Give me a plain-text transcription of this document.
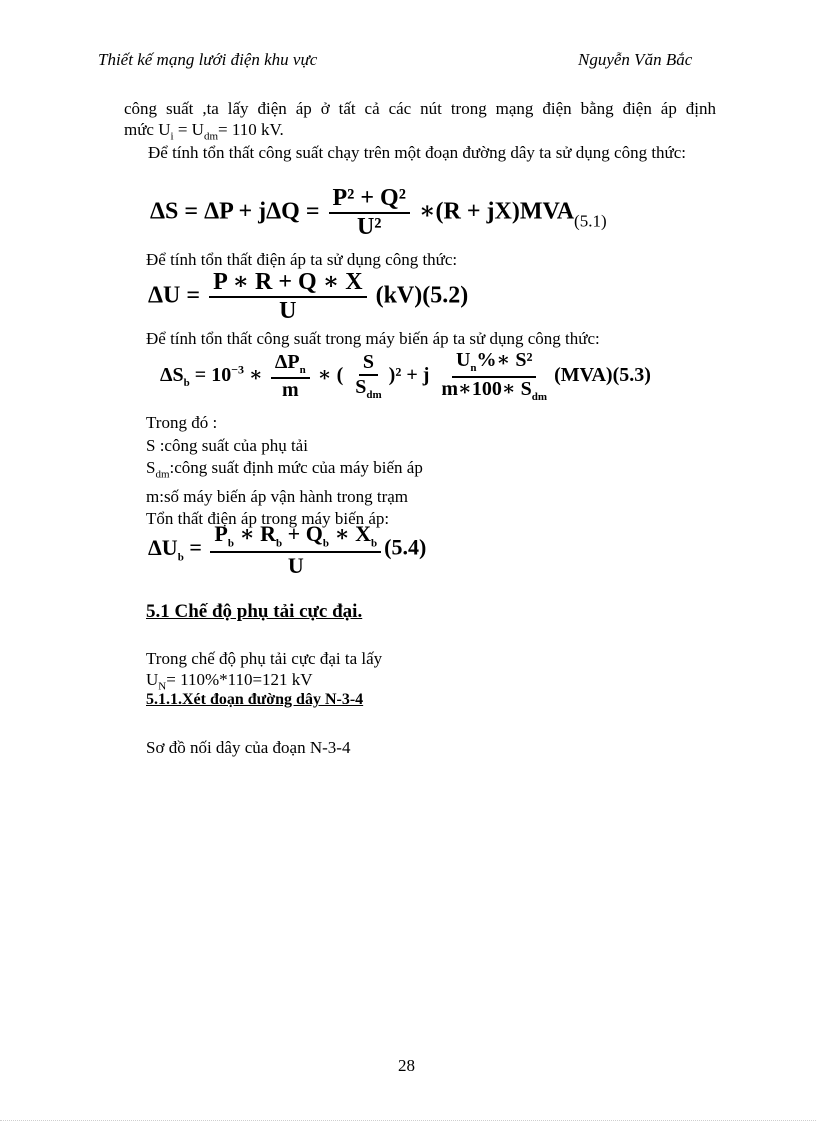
Thiết kế mạng lưới điện khu vực	Nguyễn Văn Bắc
công suất ,ta lấy điện áp ở tất cả các nút trong mạng điện bằng điện áp định
mức $U_i = U_{dm}= 110$ kV.
Để tính tổn thất công suất chạy trên một đoạn đường dây ta sử dụng công thức:
$\Delta S = \Delta P + j\Delta Q = \frac{\text{P² + Q²}}{\text{U²}}$ ∗(R + $jX)MVA_{(5.1)}$
Để tính tổn thất điện áp ta sử dụng công thức:
$\Delta U = \frac{P ∗ R + Q ∗ X}{U} (kV)(5.2)$
Để tính tổn thất công suất trong máy biến áp ta sử dụng công thức:
$\Delta S_b = 10^{-3}$ ∗ $\frac{\Delta P_n}{m}$ ∗ ( $\frac{S}{S_{dm}} )^2 + j \frac{U_n\%∗ S^2}{m∗100∗ S_{dm}} (MVA)(5.3)$
Trong đó :
S :công suất của phụ tải
$S_{dm}:công$ suất định mức của máy biến áp
m:số máy biến áp vận hành trong trạm
Tổn thất điện áp trong máy biến áp:
$\Delta U_b = \frac{P_b ∗ R_b + Q_b ∗ X_b}{U} (5.4)$
5.1 Chế độ phụ tải cực đại.
Trong chế độ phụ tải cực đại ta lấy
$U_N= 110\%*110=121$ kV
5.1.1.Xét đoạn đường dây N-3-4
Sơ đồ nối dây của đoạn N-3-4
28
